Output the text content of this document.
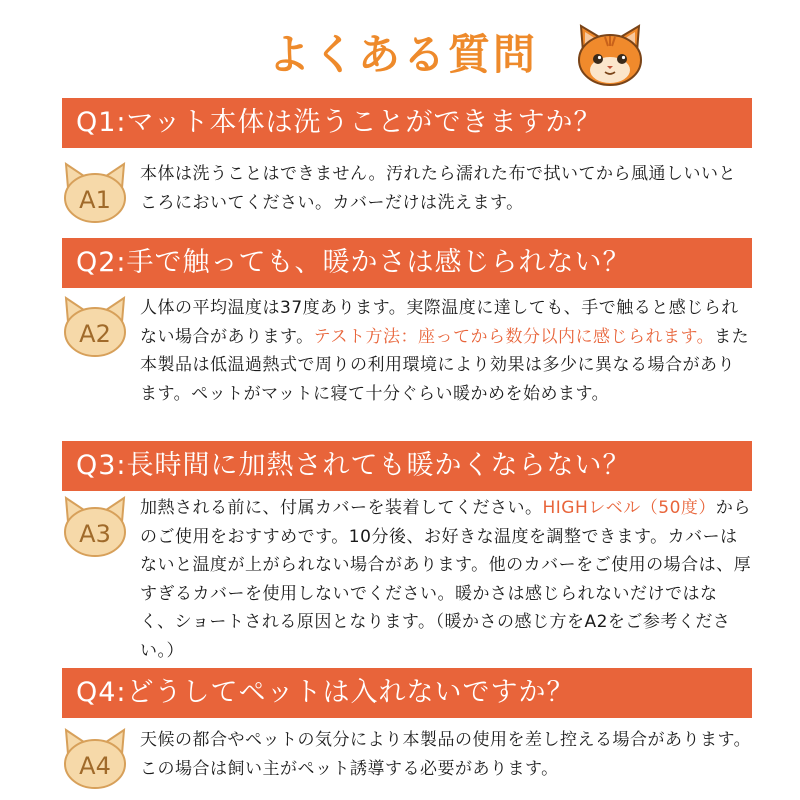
よくある質問
Q1:マット本体は洗うことができますか？
A1
本体は洗うことはできません。汚れたら濡れた布で拭いてから風通しいいところにおいてください。カバーだけは洗えます。
Q2:手で触っても、暖かさは感じられない？
A2
人体の平均温度は37度あります。実際温度に達しても、手で触ると感じられない場合があります。テスト方法：座ってから数分以内に感じられます。また本製品は低温過熱式で周りの利用環境により効果は多少に異なる場合があります。ペットがマットに寝て十分ぐらい暖かめを始めます。
Q3:長時間に加熱されても暖かくならない？
A3
加熱される前に、付属カバーを装着してください。HIGHレベル（50度）からのご使用をおすすめです。10分後、お好きな温度を調整できます。カバーはないと温度が上がられない場合があります。他のカバーをご使用の場合は、厚すぎるカバーを使用しないでください。暖かさは感じられないだけではなく、ショートされる原因となります。（暖かさの感じ方をA2をご参考ください。）
Q4:どうしてペットは入れないですか？
A4
天候の都合やペットの気分により本製品の使用を差し控える場合があります。この場合は飼い主がペット誘導する必要があります。
